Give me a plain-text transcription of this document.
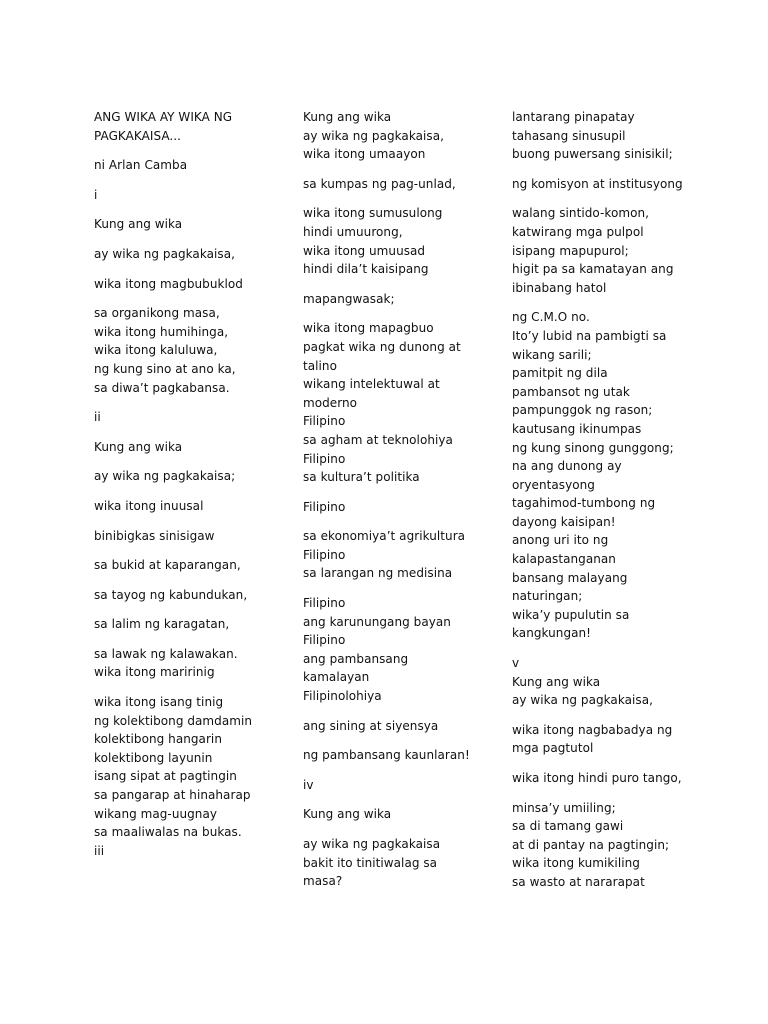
ANG WIKA AY WIKA NG
PAGKAKAISA...
ni Arlan Camba
i
Kung ang wika
ay wika ng pagkakaisa,
wika itong magbubuklod
sa organikong masa,
wika itong humihinga,
wika itong kaluluwa,
ng kung sino at ano ka,
sa diwa’t pagkabansa.
ii
Kung ang wika
ay wika ng pagkakaisa;
wika itong inuusal
binibigkas sinisigaw
sa bukid at kaparangan,
sa tayog ng kabundukan,
sa lalim ng karagatan,
sa lawak ng kalawakan.
wika itong maririnig
wika itong isang tinig
ng kolektibong damdamin
kolektibong hangarin
kolektibong layunin
isang sipat at pagtingin
sa pangarap at hinaharap
wikang mag-uugnay
sa maaliwalas na bukas.
iii
Kung ang wika
ay wika ng pagkakaisa,
wika itong umaayon
sa kumpas ng pag-unlad,
wika itong sumusulong
hindi umuurong,
wika itong umuusad
hindi dila’t kaisipang
mapangwasak;
wika itong mapagbuo
pagkat wika ng dunong at
talino
wikang intelektuwal at
moderno
Filipino
sa agham at teknolohiya
Filipino
sa kultura’t politika
Filipino
sa ekonomiya’t agrikultura
Filipino
sa larangan ng medisina
Filipino
ang karunungang bayan
Filipino
ang pambansang
kamalayan
Filipinolohiya
ang sining at siyensya
ng pambansang kaunlaran!
iv
Kung ang wika
ay wika ng pagkakaisa
bakit ito tinitiwalag sa
masa?
lantarang pinapatay
tahasang sinusupil
buong puwersang sinisikil;
ng komisyon at institusyong
walang sintido-komon,
katwirang mga pulpol
isipang mapupurol;
higit pa sa kamatayan ang
ibinabang hatol
ng C.M.O no.
Ito’y lubid na pambigti sa
wikang sarili;
pamitpit ng dila
pambansot ng utak
pampunggok ng rason;
kautusang ikinumpas
ng kung sinong gunggong;
na ang dunong ay
oryentasyong
tagahimod-tumbong ng
dayong kaisipan!
anong uri ito ng
kalapastanganan
bansang malayang
naturingan;
wika’y pupulutin sa
kangkungan!
v
Kung ang wika
ay wika ng pagkakaisa,
wika itong nagbabadya ng
mga pagtutol
wika itong hindi puro tango,
minsa’y umiiling;
sa di tamang gawi
at di pantay na pagtingin;
wika itong kumikiling
sa wasto at nararapat
